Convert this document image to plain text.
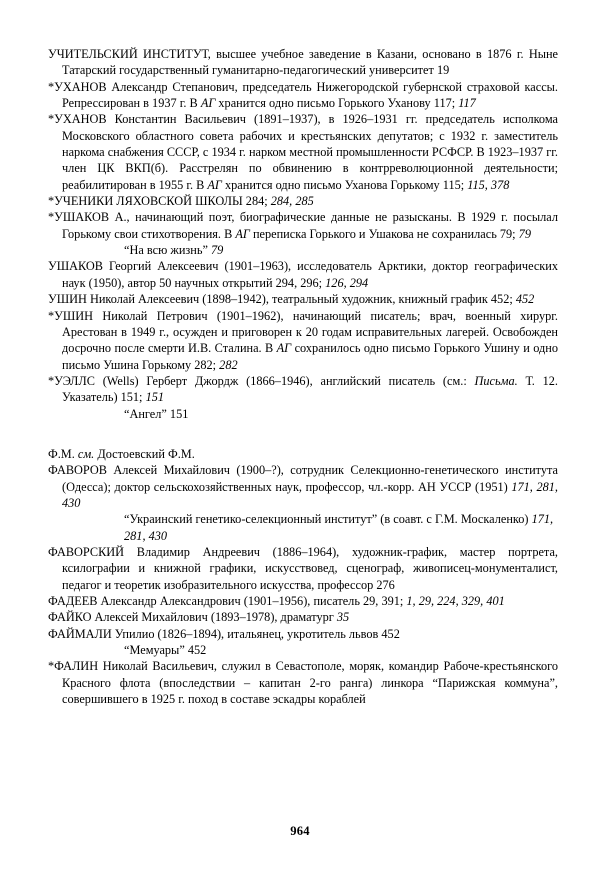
УЧИТЕЛЬСКИЙ ИНСТИТУТ, высшее учебное заведение в Казани, основано в 1876 г. Ныне Татарский государственный гуманитарно-педагогический университет 19

*УХАНОВ Александр Степанович, председатель Нижегородской губернской страховой кассы. Репрессирован в 1937 г. В АГ хранится одно письмо Горького Уханову 117; 117

*УХАНОВ Константин Васильевич (1891–1937), в 1926–1931 гг. председатель исполкома Московского областного совета рабочих и крестьянских депутатов; с 1932 г. заместитель наркома снабжения СССР, с 1934 г. нарком местной промышленности РСФСР. В 1923–1937 гг. член ЦК ВКП(б). Расстрелян по обвинению в контрреволюционной деятельности; реабилитирован в 1955 г. В АГ хранится одно письмо Уханова Горькому 115; 115, 378

*УЧЕНИКИ ЛЯХОВСКОЙ ШКОЛЫ 284; 284, 285

*УШАКОВ А., начинающий поэт, биографические данные не разысканы. В 1929 г. посылал Горькому свои стихотворения. В АГ переписка Горького и Ушакова не сохранилась 79; 79

“На всю жизнь” 79

УШАКОВ Георгий Алексеевич (1901–1963), исследователь Арктики, доктор географических наук (1950), автор 50 научных открытий 294, 296; 126, 294

УШИН Николай Алексеевич (1898–1942), театральный художник, книжный график 452; 452

*УШИН Николай Петрович (1901–1962), начинающий писатель; врач, военный хирург. Арестован в 1949 г., осужден и приговорен к 20 годам исправительных лагерей. Освобожден досрочно после смерти И.В. Сталина. В АГ сохранилось одно письмо Горького Ушину и одно письмо Ушина Горькому 282; 282

*УЭЛЛС (Wells) Герберт Джордж (1866–1946), английский писатель (см.: Письма. Т. 12. Указатель) 151; 151

“Ангел” 151

Ф.М. см. Достоевский Ф.М.

ФАВОРОВ Алексей Михайлович (1900–?), сотрудник Селекционно-генетического института (Одесса); доктор сельскохозяйственных наук, профессор, чл.-корр. АН УССР (1951) 171, 281, 430

“Украинский генетико-селекционный институт” (в соавт. с Г.М. Москаленко) 171, 281, 430

ФАВОРСКИЙ Владимир Андреевич (1886–1964), художник-график, мастер портрета, ксилографии и книжной графики, искусствовед, сценограф, живописец-монументалист, педагог и теоретик изобразительного искусства, профессор 276

ФАДЕЕВ Александр Александрович (1901–1956), писатель 29, 391; 1, 29, 224, 329, 401

ФАЙКО Алексей Михайлович (1893–1978), драматург 35

ФАЙМАЛИ Упилио (1826–1894), итальянец, укротитель львов 452

“Мемуары” 452

*ФАЛИН Николай Васильевич, служил в Севастополе, моряк, командир Рабоче-крестьянского Красного флота (впоследствии – капитан 2-го ранга) линкора “Парижская коммуна”, совершившего в 1925 г. поход в составе эскадры кораблей

964
